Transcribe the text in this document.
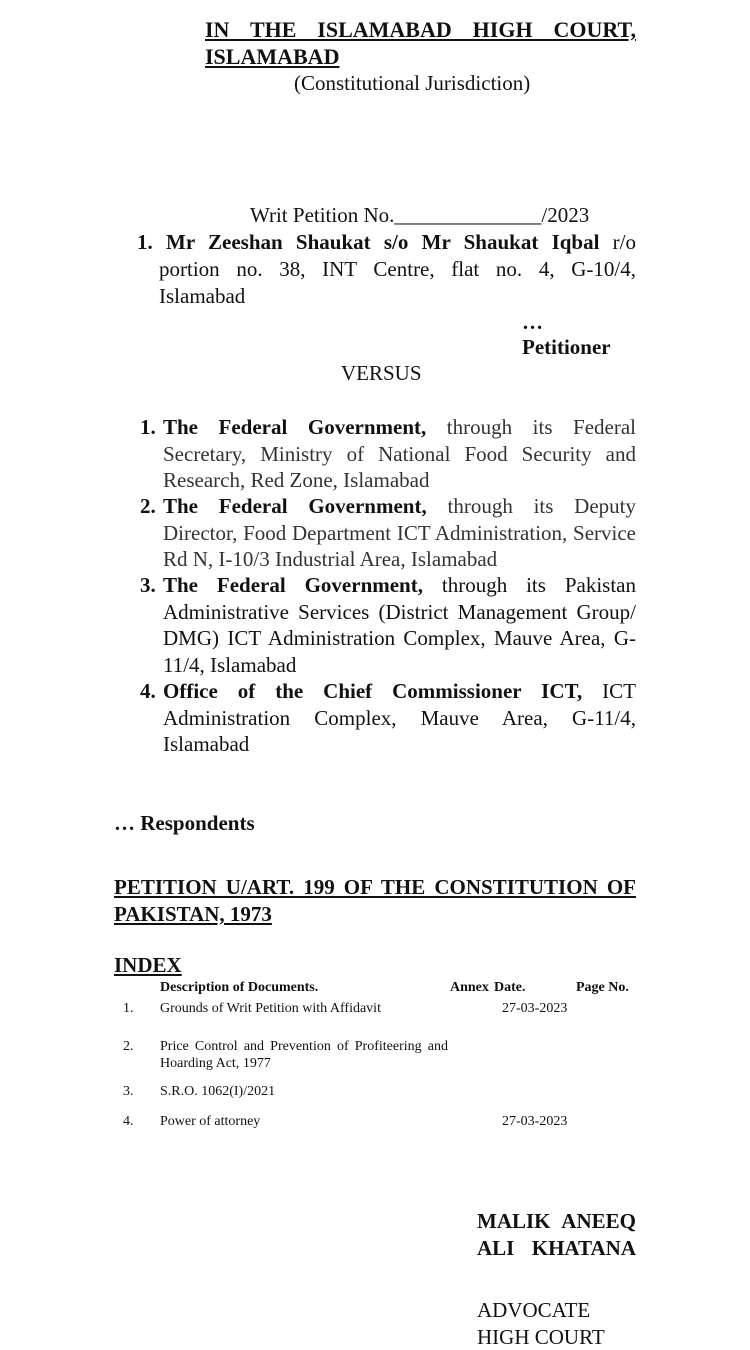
IN THE ISLAMABAD HIGH COURT,
ISLAMABAD
(Constitutional Jurisdiction)
Writ Petition No.______________/2023
1. Mr Zeeshan Shaukat s/o Mr Shaukat Iqbal r/o
portion no. 38, INT Centre, flat no. 4, G-10/4, Islamabad
…
Petitioner
VERSUS
1. The Federal Government, through its Federal Secretary, Ministry of National Food Security and Research, Red Zone, Islamabad
2. The Federal Government, through its Deputy Director, Food Department ICT Administration, Service Rd N, I-10/3 Industrial Area, Islamabad
3. The Federal Government, through its Pakistan Administrative Services (District Management Group/ DMG) ICT Administration Complex, Mauve Area, G-11/4, Islamabad
4. Office of the Chief Commissioner ICT, ICT Administration Complex, Mauve Area, G-11/4, Islamabad
… Respondents
PETITION U/ART. 199 OF THE CONSTITUTION OF PAKISTAN, 1973
INDEX
Description of Documents.	Annex Date.	Page No.
1. Grounds of Writ Petition with Affidavit	27-03-2023
2. Price Control and Prevention of Profiteering and Hoarding Act, 1977
3. S.R.O. 1062(I)/2021
4. Power of attorney	27-03-2023
MALIK ANEEQ ALI KHATANA
ADVOCATE HIGH COURT
